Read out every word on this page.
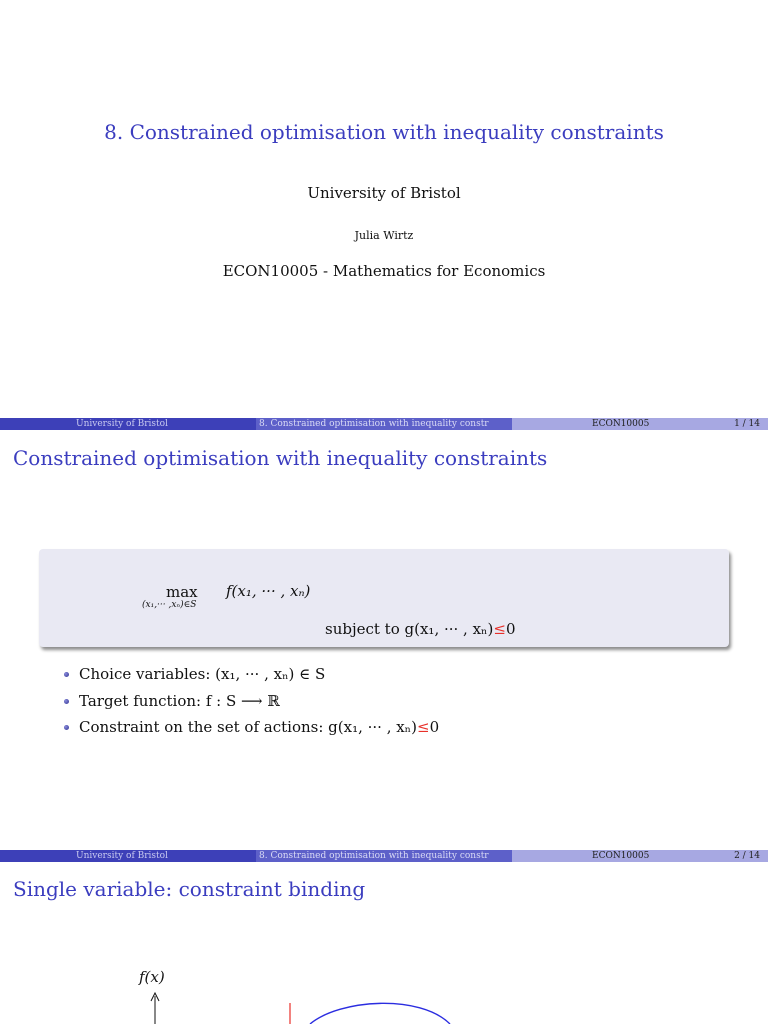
8. Constrained optimisation with inequality constraints
University of Bristol
Julia Wirtz
ECON10005 - Mathematics for Economics
University of Bristol	8. Constrained optimisation with inequality constr	ECON10005	1 / 14
Constrained optimisation with inequality constraints
max
(x₁,··· ,xₙ)∈S
f(x₁, ··· , xₙ)
subject to g(x₁, ··· , xₙ)≤0
Choice variables: (x₁, ··· , xₙ) ∈ S
Target function: f : S ⟶ ℝ
Constraint on the set of actions: g(x₁, ··· , xₙ)≤0
University of Bristol	8. Constrained optimisation with inequality constr	ECON10005	2 / 14
Single variable: constraint binding
f(x)
